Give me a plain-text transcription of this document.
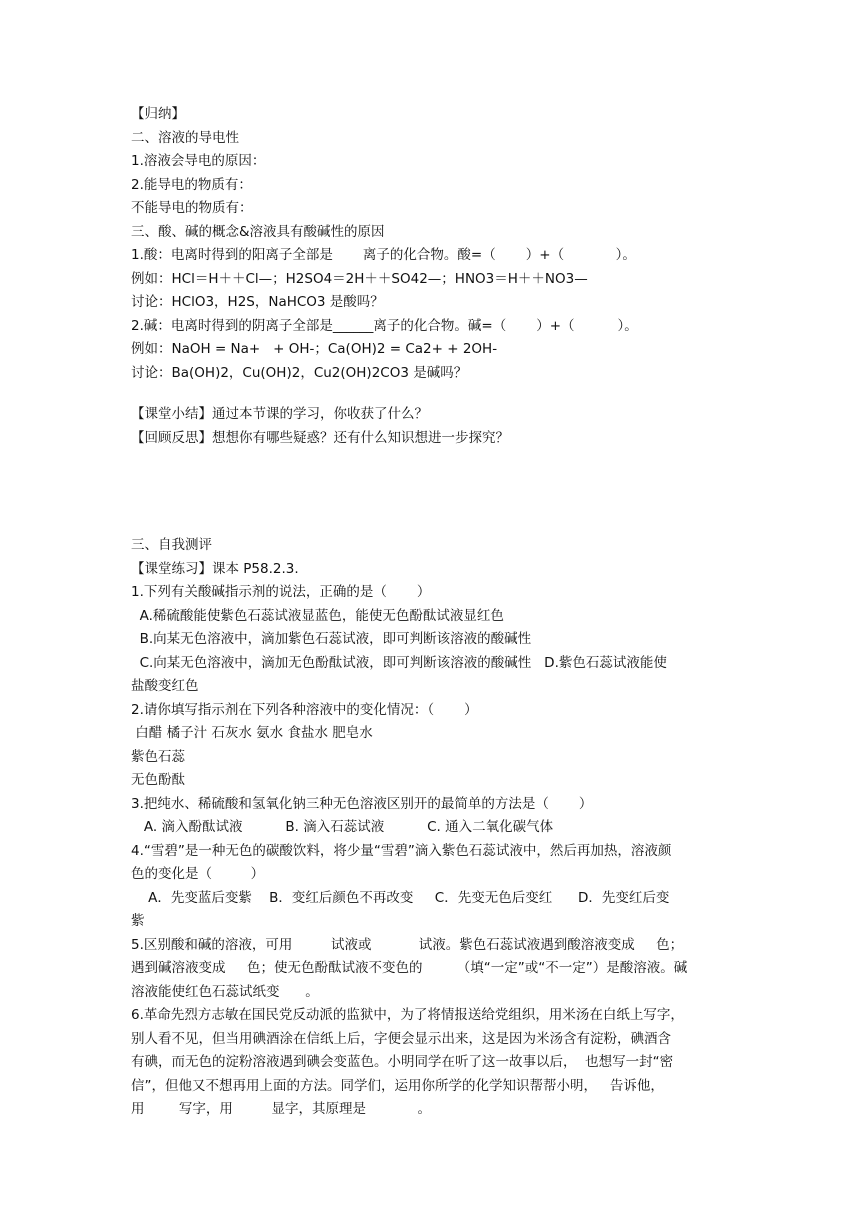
【归纳】

二、溶液的导电性

1.溶液会导电的原因：

2.能导电的物质有：

不能导电的物质有：

三、酸、碱的概念&溶液具有酸碱性的原因

1.酸：电离时得到的阳离子全部是       离子的化合物。酸=（       ）+（            ）。

例如：HCl＝H＋＋Cl—；H2SO4＝2H＋＋SO42—；HNO3＝H＋＋NO3—

讨论：HClO3，H2S，NaHCO3 是酸吗？

2.碱：电离时得到的阴离子全部是______离子的化合物。碱=（       ）+（          ）。

例如：NaOH = Na+   + OH-；Ca(OH)2 = Ca2+ + 2OH-

讨论：Ba(OH)2，Cu(OH)2，Cu2(OH)2CO3 是碱吗？

【课堂小结】通过本节课的学习，你收获了什么？

【回顾反思】想想你有哪些疑惑？还有什么知识想进一步探究？

三、自我测评

【课堂练习】课本 P58.2.3.

1.下列有关酸碱指示剂的说法，正确的是（       ）

A.稀硫酸能使紫色石蕊试液显蓝色，能使无色酚酞试液显红色

B.向某无色溶液中，滴加紫色石蕊试液，即可判断该溶液的酸碱性

C.向某无色溶液中，滴加无色酚酞试液，即可判断该溶液的酸碱性   D.紫色石蕊试液能使

盐酸变红色

2.请你填写指示剂在下列各种溶液中的变化情况：（       ）

白醋 橘子汁 石灰水 氨水 食盐水 肥皂水

紫色石蕊

无色酚酞

3.把纯水、稀硫酸和氢氧化钠三种无色溶液区别开的最简单的方法是（       ）

A. 滴入酚酞试液          B. 滴入石蕊试液          C. 通入二氧化碳气体

4.“雪碧”是一种无色的碳酸饮料，将少量“雪碧”滴入紫色石蕊试液中，然后再加热，溶液颜

色的变化是（         ）

A．先变蓝后变紫    B．变红后颜色不再改变     C．先变无色后变红      D．先变红后变

紫

5.区别酸和碱的溶液，可用         试液或           试液。紫色石蕊试液遇到酸溶液变成     色；

遇到碱溶液变成     色；使无色酚酞试液不变色的        （填“一定”或“不一定”）是酸溶液。碱

溶液能使红色石蕊试纸变      。

6.革命先烈方志敏在国民党反动派的监狱中，为了将情报送给党组织，用米汤在白纸上写字，

别人看不见，但当用碘酒涂在信纸上后，字便会显示出来，这是因为米汤含有淀粉，碘酒含

有碘，而无色的淀粉溶液遇到碘会变蓝色。小明同学在听了这一故事以后，  也想写一封“密

信”，但他又不想再用上面的方法。同学们，运用你所学的化学知识帮帮小明，   告诉他，

用        写字，用         显字，其原理是            。
